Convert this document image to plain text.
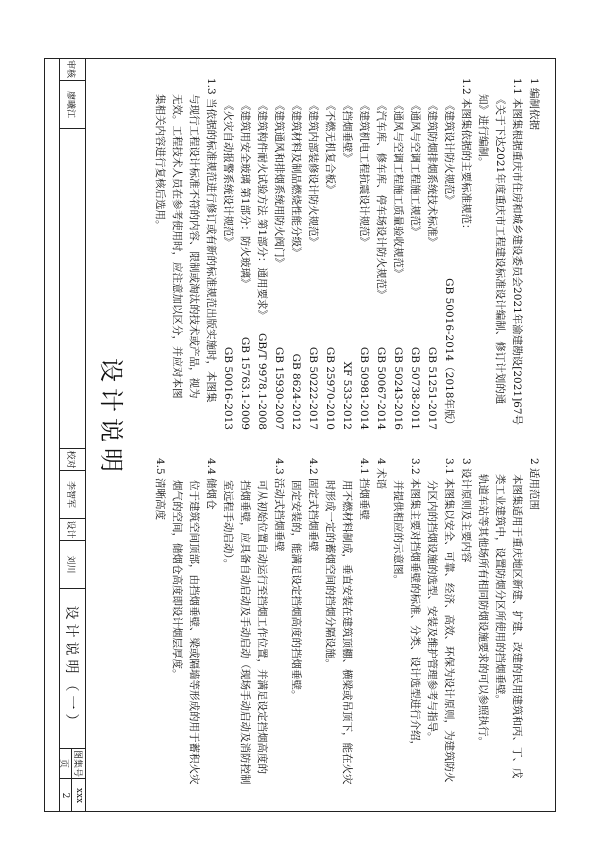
设计说明
1 编制依据
1.1 本图集根据重庆市住房和城乡建设委员会2021年渝建勘设[2021]67号
《关于下达2021年度重庆市工程建设标准设计编制、修订计划的通
知》进行编制。
1.2 本图集依据的主要标准规范：
《建筑设计防火规范》
GB 50016-2014（2018年版）
《建筑防烟排烟系统技术标准》
GB 51251-2017
《通风与空调工程施工规范》
GB 50738-2011
《通风与空调工程施工质量验收规范》
GB 50243-2016
《汽车库、修车库、停车场设计防火规范》
GB 50067-2014
《建筑机电工程抗震设计规范》
GB 50981-2014
《挡烟垂壁》
XF 533-2012
《不燃无机复合板》
GB 25970-2010
《建筑内部装修设计防火规范》
GB 50222-2017
《建筑材料及制品燃烧性能分级》
GB 8624-2012
《建筑通风和排烟系统用防火阀门》
GB 15930-2007
《建筑构件耐火试验方法 第1部分：通用要求》
GB/T 9978.1-2008
《建筑用安全玻璃 第1部分：防火玻璃》
GB 15763.1-2009
《火灾自动报警系统设计规范》
GB 50016-2013
1.3 当依据的标准规范进行修订或有新的标准规范出版实施时，本图集
与现行工程设计标准不符的内容、限制或淘汰的技术或产品，视为
无效。工程技术人员在参考使用时，应注意加以区分，并应对本图
集相关内容进行复核后选用。
2 适用范围
本图集适用于重庆地区新建、扩建、改建的民用建筑和丙、丁、戊
类工业建筑中，设置防烟分区所使用的挡烟垂壁。
轨道车站等其他场所有相同防烟设施要求的可以参照执行。
3 设计原则及主要内容
3.1 本图集以安全、可靠、经济、高效、环保为设计原则，为建筑防火
分区内的挡烟设施的选型、安装及维护管理参考与指导。
3.2 本图集主要对挡烟垂壁的标准、分类、设计选型进行介绍，
并提供相应的示意图。
4 术语
4.1 挡烟垂壁
用不燃材料制成，垂直安装在建筑顶棚、横梁或吊顶下，能在火灾
时形成一定的蓄烟空间的挡烟分隔设施。
4.2 固定式挡烟垂壁
固定安装的，能满足设定挡烟高度的挡烟垂壁。
4.3 活动式挡烟垂壁
可从初始位置自动运行至挡烟工作位置，并满足设定挡烟高度的
挡烟垂壁，应具备自动启动及手动启动（现场手动启动及消防控制
室远程手动启动）。
4.4 储烟仓
位于建筑空间顶部，由挡烟垂壁、梁或隔墙等形成的用于蓄积火灾
烟气的空间，储烟仓高度即设计烟层厚度。
4.5 清晰高度
审核
廖曦江
校对
李智军
设计
刘川
设计说明（一）
图集号
页
xxx
2
